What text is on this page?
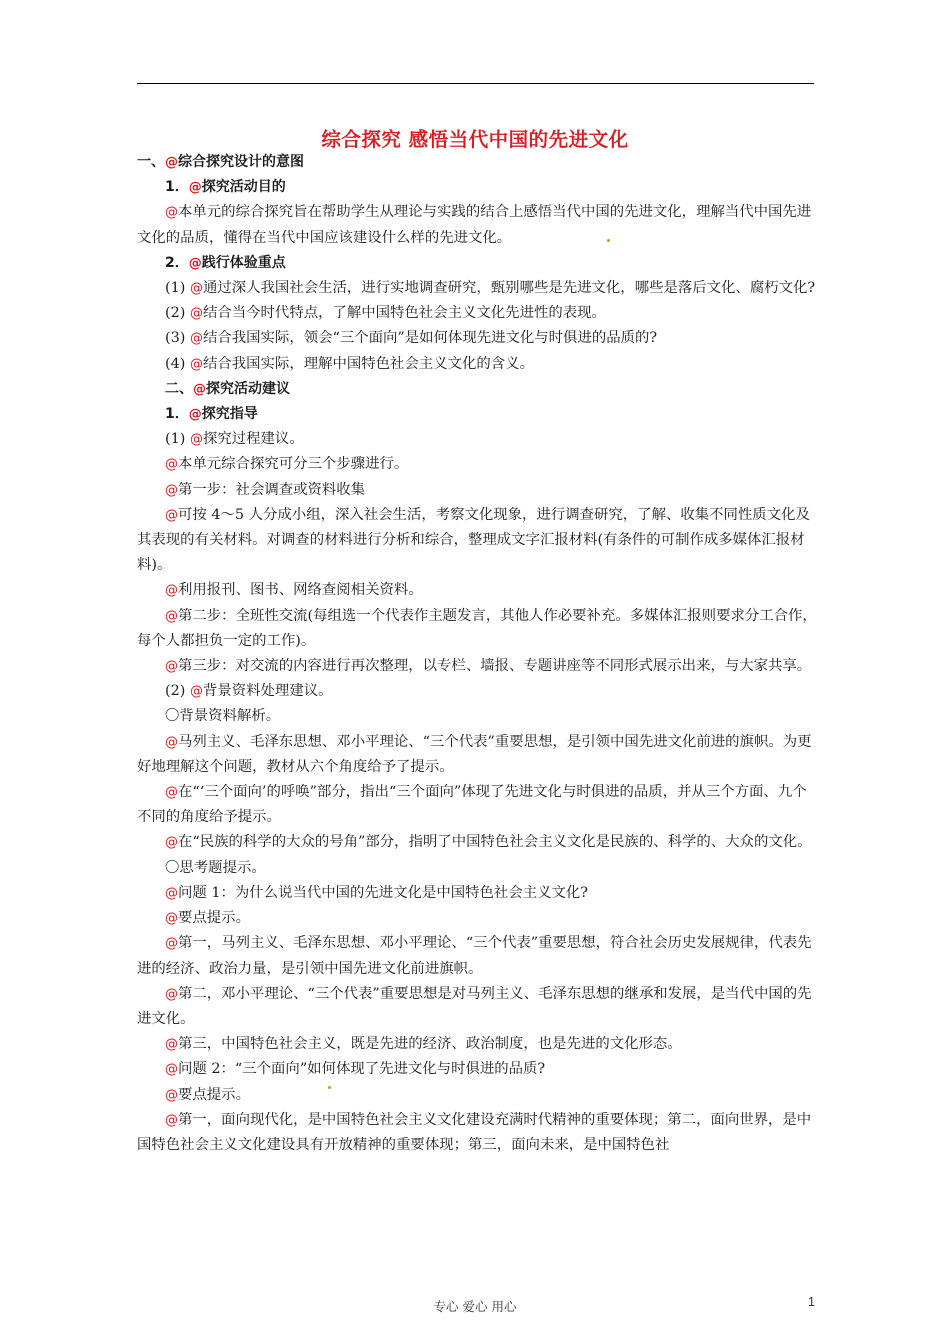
综合探究 感悟当代中国的先进文化

一、@综合探究设计的意图

1．@探究活动目的

@本单元的综合探究旨在帮助学生从理论与实践的结合上感悟当代中国的先进文化，理解当代中国先进文化的品质，懂得在当代中国应该建设什么样的先进文化。

2．@践行体验重点

(1) @通过深人我国社会生活，进行实地调查研究，甄别哪些是先进文化，哪些是落后文化、腐朽文化?

(2) @结合当今时代特点，了解中国特色社会主义文化先进性的表现。

(3) @结合我国实际，领会“三个面向”是如何体现先进文化与时俱进的品质的?

(4) @结合我国实际，理解中国特色社会主义文化的含义。

二、@探究活动建议

1．@探究指导

(1) @探究过程建议。

@本单元综合探究可分三个步骤进行。

@第一步：社会调查或资料收集

@可按 4～5 人分成小组，深入社会生活，考察文化现象，进行调查研究，了解、收集不同性质文化及其表现的有关材料。对调查的材料进行分析和综合，整理成文字汇报材料(有条件的可制作成多媒体汇报材料)。

@利用报刊、图书、网络查阅相关资料。

@第二步：全班性交流(每组选一个代表作主题发言，其他人作必要补充。多媒体汇报则要求分工合作，每个人都担负一定的工作)。

@第三步：对交流的内容进行再次整理，以专栏、墙报、专题讲座等不同形式展示出来，与大家共享。

(2) @背景资料处理建议。

〇背景资料解析。

@马列主义、毛泽东思想、邓小平理论、“三个代表”重要思想，是引领中国先进文化前进的旗帜。为更好地理解这个问题，教材从六个角度给予了提示。

@在“‘三个面向’的呼唤”部分，指出“三个面向”体现了先进文化与时俱进的品质，并从三个方面、九个不同的角度给予提示。

@在“民族的科学的大众的号角”部分，指明了中国特色社会主义文化是民族的、科学的、大众的文化。

〇思考题提示。

@问题 1：为什么说当代中国的先进文化是中国特色社会主义文化?

@要点提示。

@第一，马列主义、毛泽东思想、邓小平理论、“三个代表”重要思想，符合社会历史发展规律，代表先进的经济、政治力量，是引领中国先进文化前进旗帜。

@第二，邓小平理论、“三个代表”重要思想是对马列主义、毛泽东思想的继承和发展，是当代中国的先进文化。

@第三，中国特色社会主义，既是先进的经济、政治制度，也是先进的文化形态。

@问题 2：“三个面向”如何体现了先进文化与时俱进的品质?

@要点提示。

@第一，面向现代化，是中国特色社会主义文化建设充满时代精神的重要体现；第二，面向世界，是中国特色社会主义文化建设具有开放精神的重要体现；第三，面向未来，是中国特色社

专心 爱心 用心	1
